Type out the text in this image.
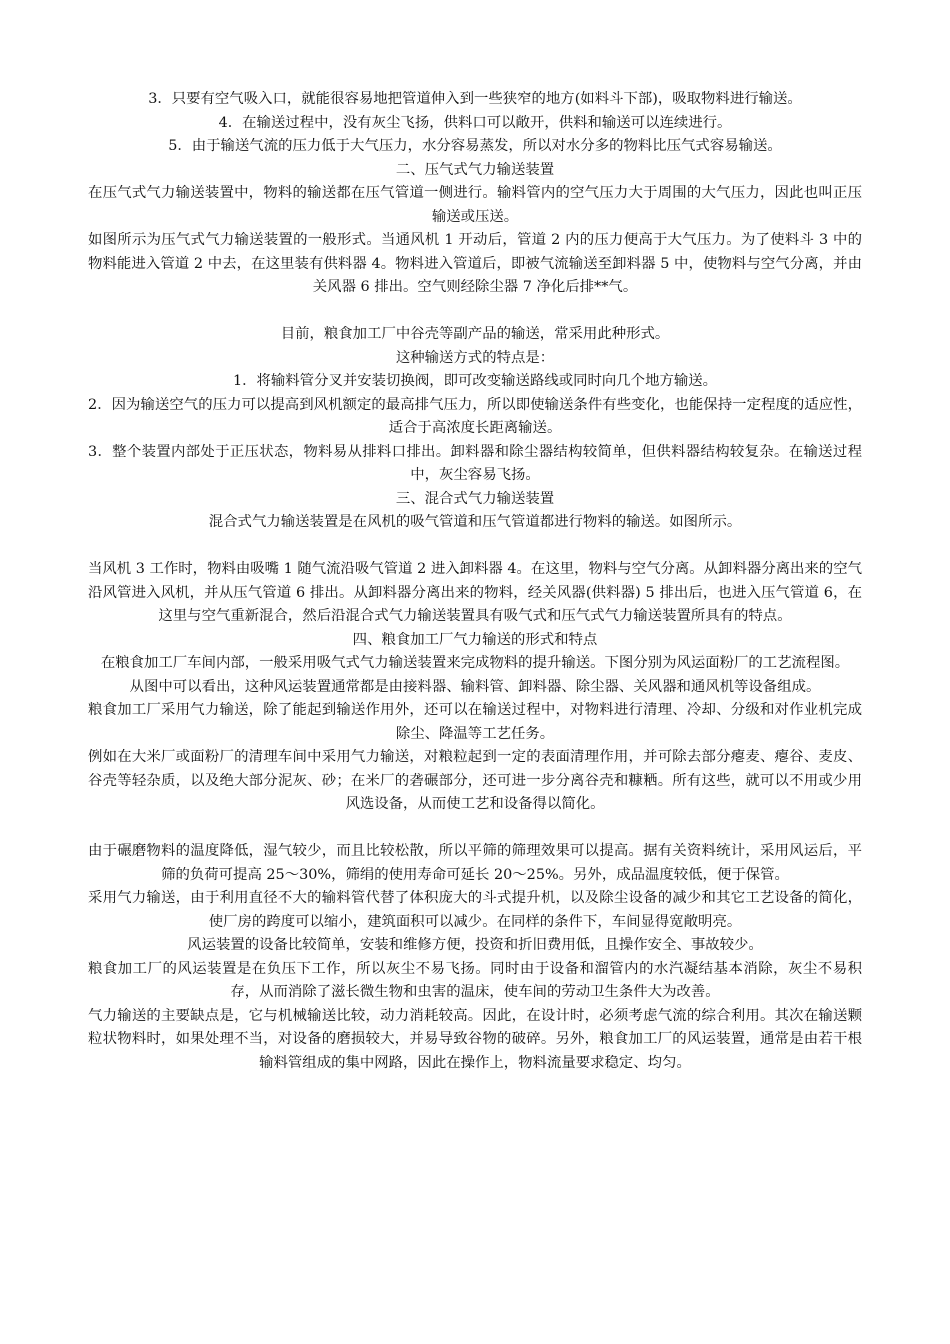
3．只要有空气吸入口，就能很容易地把管道伸入到一些狭窄的地方(如料斗下部)，吸取物料进行输送。

4．在输送过程中，没有灰尘飞扬，供料口可以敞开，供料和输送可以连续进行。

5．由于输送气流的压力低于大气压力，水分容易蒸发，所以对水分多的物料比压气式容易输送。

二、压气式气力输送装置

在压气式气力输送装置中，物料的输送都在压气管道一侧进行。输料管内的空气压力大于周围的大气压力，因此也叫正压输送或压送。

如图所示为压气式气力输送装置的一般形式。当通风机 1 开动后，管道 2 内的压力便高于大气压力。为了使料斗 3 中的物料能进入管道 2 中去，在这里装有供料器 4。物料进入管道后，即被气流输送至卸料器 5 中，使物料与空气分离，并由关风器 6 排出。空气则经除尘器 7 净化后排**气。

目前，粮食加工厂中谷壳等副产品的输送，常采用此种形式。

这种输送方式的特点是：

1．将输料管分叉并安装切换阀，即可改变输送路线或同时向几个地方输送。

2．因为输送空气的压力可以提高到风机额定的最高排气压力，所以即使输送条件有些变化，也能保持一定程度的适应性，适合于高浓度长距离输送。

3．整个装置内部处于正压状态，物料易从排料口排出。卸料器和除尘器结构较简单，但供料器结构较复杂。在输送过程中，灰尘容易飞扬。

三、混合式气力输送装置

混合式气力输送装置是在风机的吸气管道和压气管道都进行物料的输送。如图所示。

当风机 3 工作时，物料由吸嘴 1 随气流沿吸气管道 2 进入卸料器 4。在这里，物料与空气分离。从卸料器分离出来的空气沿风管进入风机，并从压气管道 6 排出。从卸料器分离出来的物料，经关风器(供料器) 5 排出后，也进入压气管道 6，在这里与空气重新混合，然后沿混合式气力输送装置具有吸气式和压气式气力输送装置所具有的特点。

四、粮食加工厂气力输送的形式和特点

在粮食加工厂车间内部，一般采用吸气式气力输送装置来完成物料的提升输送。下图分别为风运面粉厂的工艺流程图。

从图中可以看出，这种风运装置通常都是由接料器、输料管、卸料器、除尘器、关风器和通风机等设备组成。

粮食加工厂采用气力输送，除了能起到输送作用外，还可以在输送过程中，对物料进行清理、冷却、分级和对作业机完成除尘、降温等工艺任务。

例如在大米厂或面粉厂的清理车间中采用气力输送，对粮粒起到一定的表面清理作用，并可除去部分瘪麦、瘪谷、麦皮、谷壳等轻杂质，以及绝大部分泥灰、砂；在米厂的砻碾部分，还可进一步分离谷壳和糠粞。所有这些，就可以不用或少用风选设备，从而使工艺和设备得以简化。

由于碾磨物料的温度降低，湿气较少，而且比较松散，所以平筛的筛理效果可以提高。据有关资料统计，采用风运后，平筛的负荷可提高 25～30%，筛绢的使用寿命可延长 20～25%。另外，成品温度较低，便于保管。

采用气力输送，由于利用直径不大的输料管代替了体积庞大的斗式提升机，以及除尘设备的减少和其它工艺设备的简化，使厂房的跨度可以缩小，建筑面积可以减少。在同样的条件下，车间显得宽敞明亮。

风运装置的设备比较简单，安装和维修方便，投资和折旧费用低，且操作安全、事故较少。

粮食加工厂的风运装置是在负压下工作，所以灰尘不易飞扬。同时由于设备和溜管内的水汽凝结基本消除，灰尘不易积存，从而消除了滋长微生物和虫害的温床，使车间的劳动卫生条件大为改善。

气力输送的主要缺点是，它与机械输送比较，动力消耗较高。因此，在设计时，必须考虑气流的综合利用。其次在输送颗粒状物料时，如果处理不当，对设备的磨损较大，并易导致谷物的破碎。另外，粮食加工厂的风运装置，通常是由若干根输料管组成的集中网路，因此在操作上，物料流量要求稳定、均匀。
